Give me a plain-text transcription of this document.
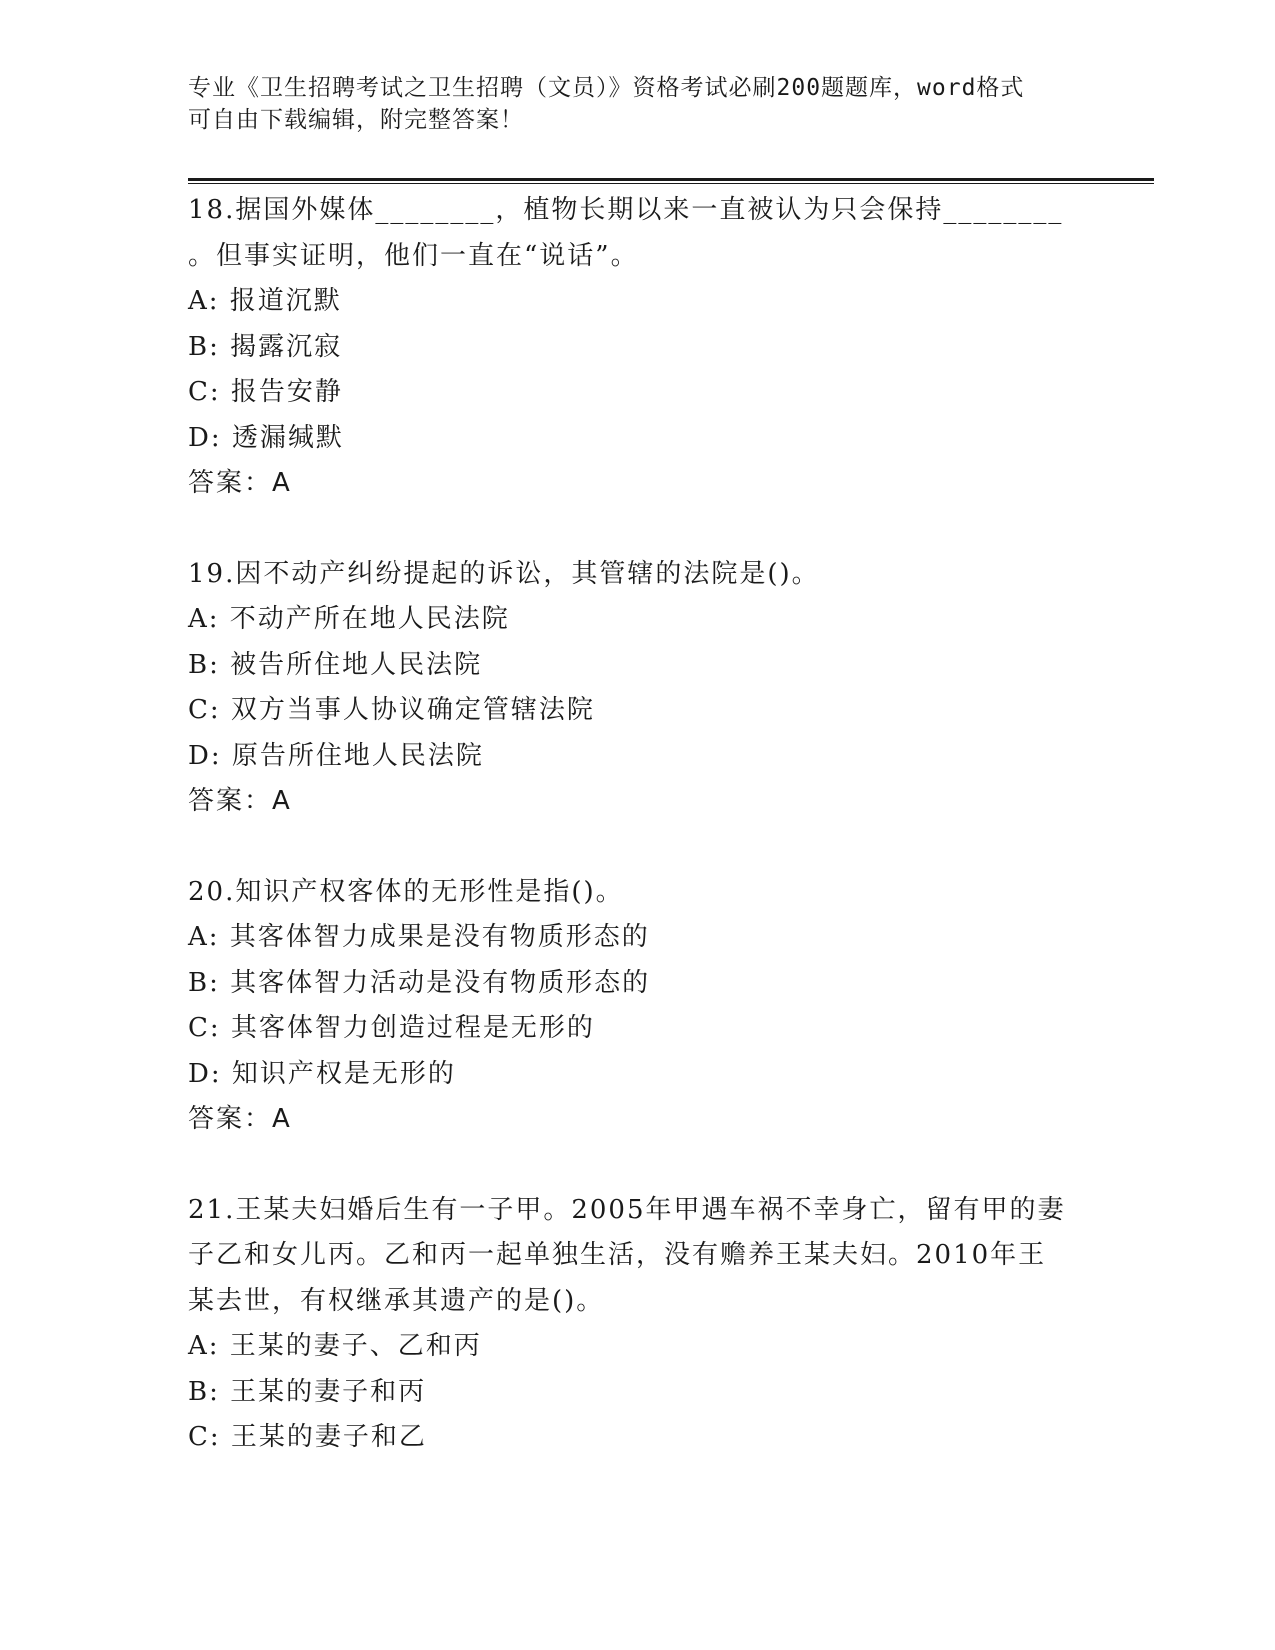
专业《卫生招聘考试之卫生招聘（文员）》资格考试必刷200题题库，word格式
可自由下载编辑，附完整答案！
18.据国外媒体________，植物长期以来一直被认为只会保持________
。但事实证明，他们一直在“说话”。
A: 报道沉默
B: 揭露沉寂
C: 报告安静
D: 透漏缄默
答案：A
19.因不动产纠纷提起的诉讼，其管辖的法院是()。
A: 不动产所在地人民法院
B: 被告所住地人民法院
C: 双方当事人协议确定管辖法院
D: 原告所住地人民法院
答案：A
20.知识产权客体的无形性是指()。
A: 其客体智力成果是没有物质形态的
B: 其客体智力活动是没有物质形态的
C: 其客体智力创造过程是无形的
D: 知识产权是无形的
答案：A
21.王某夫妇婚后生有一子甲。2005年甲遇车祸不幸身亡，留有甲的妻
子乙和女儿丙。乙和丙一起单独生活，没有赡养王某夫妇。2010年王
某去世，有权继承其遗产的是()。
A: 王某的妻子、乙和丙
B: 王某的妻子和丙
C: 王某的妻子和乙
